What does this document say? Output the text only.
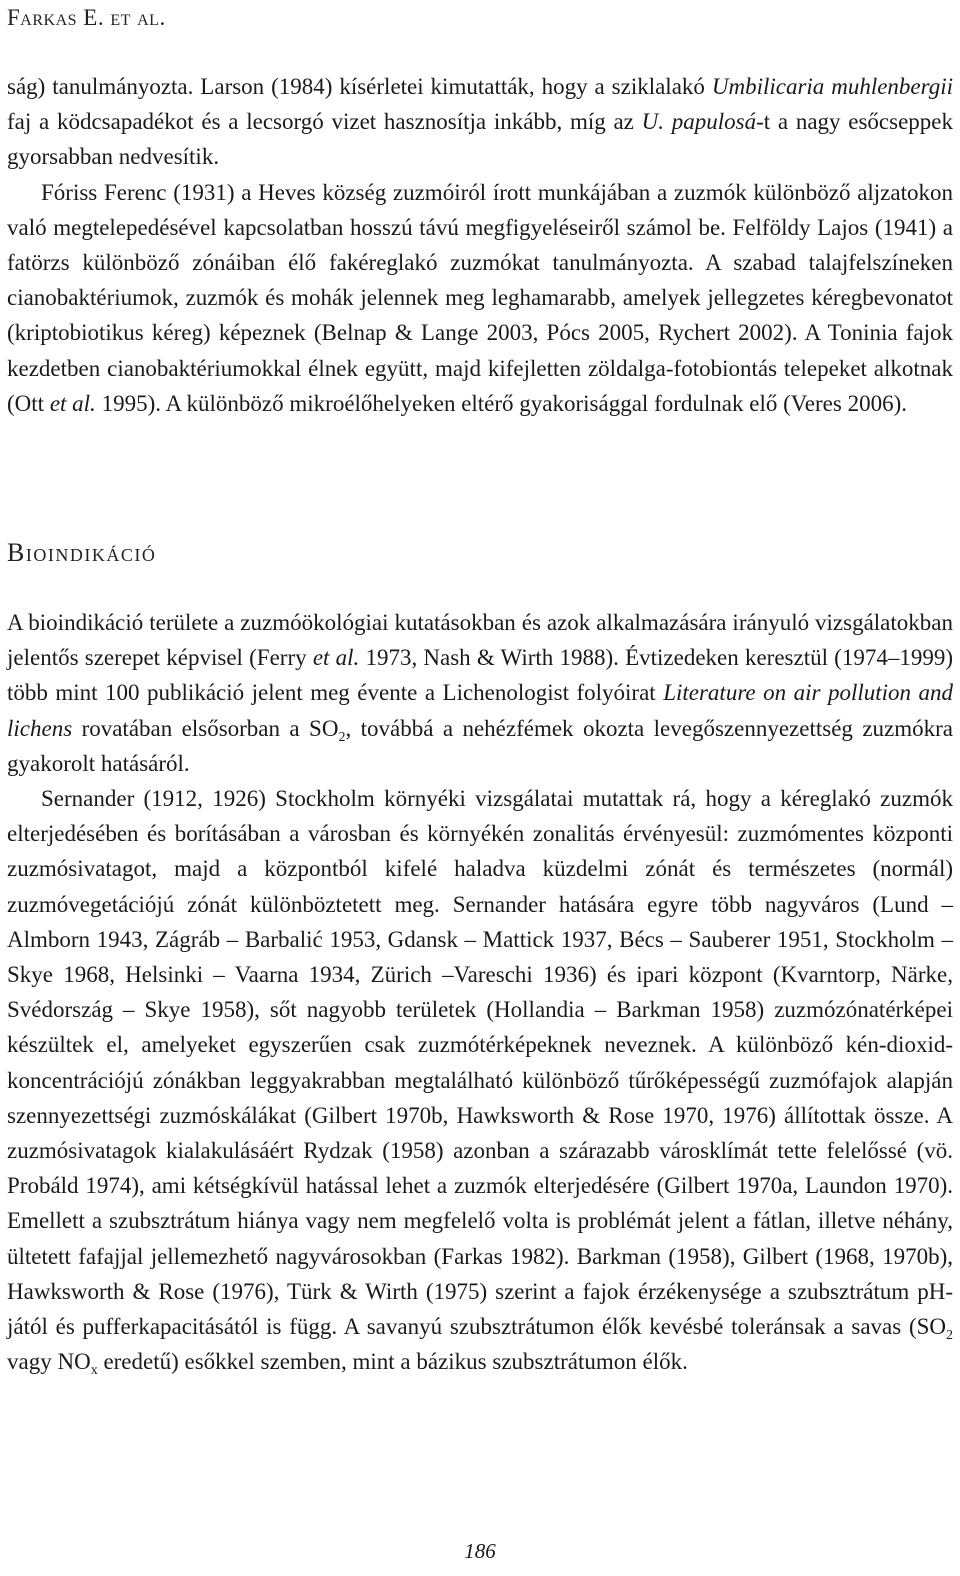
Farkas E. et al.

ság) tanulmányozta. Larson (1984) kísérletei kimutatták, hogy a sziklalakó Umbilicaria muhlenbergii faj a ködcsapadékot és a lecsorgó vizet hasznosítja inkább, míg az U. papulosá-t a nagy esőcseppek gyorsabban nedvesítik.

Fóriss Ferenc (1931) a Heves község zuzmóiról írott munkájában a zuzmók különböző aljzatokon való megtelepedésével kapcsolatban hosszú távú megfigyeléseiről számol be. Felföldy Lajos (1941) a fatörzs különböző zónáiban élő fakéreglakó zuzmókat tanulmányozta. A szabad talajfelszíneken cianobaktériumok, zuzmók és mohák jelennek meg leghamarabb, amelyek jellegzetes kéregbevonatot (kriptobiotikus kéreg) képeznek (Belnap & Lange 2003, Pócs 2005, Rychert 2002). A Toninia fajok kezdetben cianobaktériumokkal élnek együtt, majd kifejletten zöldalga-fotobiontás telepeket alkotnak (Ott et al. 1995). A különböző mikroélőhelyeken eltérő gyakorisággal fordulnak elő (Veres 2006).

Bioindikáció

A bioindikáció területe a zuzmóökológiai kutatásokban és azok alkalmazására irányuló vizsgálatokban jelentős szerepet képvisel (Ferry et al. 1973, Nash & Wirth 1988). Évtizedeken keresztül (1974–1999) több mint 100 publikáció jelent meg évente a Lichenologist folyóirat Literature on air pollution and lichens rovatában elsősorban a $SO_2$, továbbá a nehézfémek okozta levegőszennyezettség zuzmókra gyakorolt hatásáról.

Sernander (1912, 1926) Stockholm környéki vizsgálatai mutattak rá, hogy a kéreglakó zuzmók elterjedésében és borításában a városban és környékén zonalitás érvényesül: zuzmómentes központi zuzmósivatagot, majd a központból kifelé haladva küzdelmi zónát és természetes (normál) zuzmóvegetációjú zónát különböztetett meg. Sernander hatására egyre több nagyváros (Lund – Almborn 1943, Zágráb – Barbalić 1953, Gdansk – Mattick 1937, Bécs – Sauberer 1951, Stockholm – Skye 1968, Helsinki – Vaarna 1934, Zürich –Vareschi 1936) és ipari központ (Kvarntorp, Närke, Svédország – Skye 1958), sőt nagyobb területek (Hollandia – Barkman 1958) zuzmózónatérképei készültek el, amelyeket egyszerűen csak zuzmótérképeknek neveznek. A különböző kén-dioxid-koncentrációjú zónákban leggyakrabban megtalálható különböző tűrőképességű zuzmófajok alapján szennyezettségi zuzmóskálákat (Gilbert 1970b, Hawksworth & Rose 1970, 1976) állítottak össze. A zuzmósivatagok kialakulásáért Rydzak (1958) azonban a szárazabb városklímát tette felelőssé (vö. Probáld 1974), ami kétségkívül hatással lehet a zuzmók elterjedésére (Gilbert 1970a, Laundon 1970). Emellett a szubsztrátum hiánya vagy nem megfelelő volta is problémát jelent a fátlan, illetve néhány, ültetett fafajjal jellemezhető nagyvárosokban (Farkas 1982). Barkman (1958), Gilbert (1968, 1970b), Hawksworth & Rose (1976), Türk & Wirth (1975) szerint a fajok érzékenysége a szubsztrátum pH-jától és pufferkapacitásától is függ. A savanyú szubsztrátumon élők kevésbé toleránsak a savas ($SO_2$ vagy $NO_x$ eredetű) esőkkel szemben, mint a bázikus szubsztrátumon élők.

186
